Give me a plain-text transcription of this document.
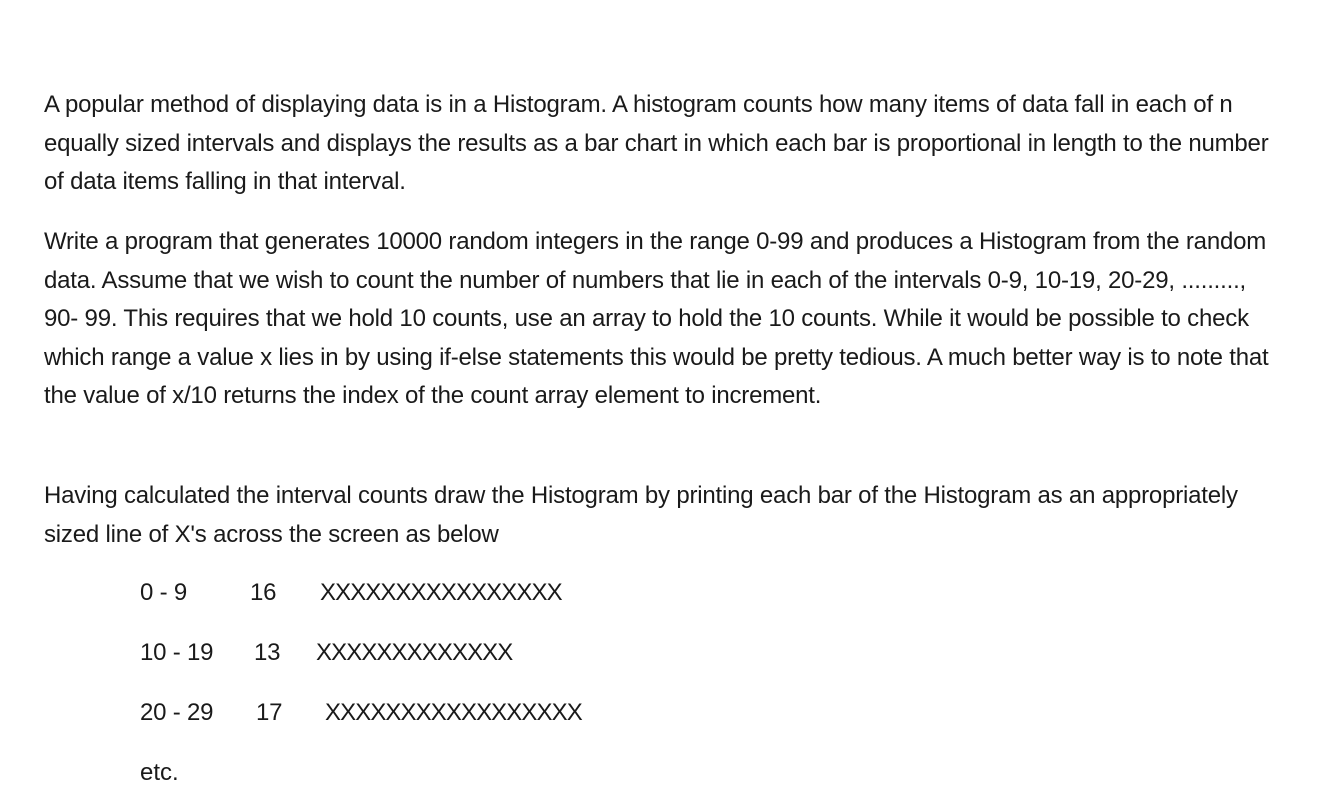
A popular method of displaying data is in a Histogram. A histogram counts how many items of data fall in each of n equally sized intervals and displays the results as a bar chart in which each bar is proportional in length to the number of data items falling in that interval.

Write a program that generates 10000 random integers in the range 0-99 and produces a Histogram from the random data. Assume that we wish to count the number of numbers that lie in each of the intervals 0-9, 10-19, 20-29, ........., 90- 99. This requires that we hold 10 counts, use an array to hold the 10 counts. While it would be possible to check which range a value x lies in by using if-else statements this would be pretty tedious. A much better way is to note that the value of x/10 returns the index of the count array element to increment.

Having calculated the interval counts draw the Histogram by printing each bar of the Histogram as an appropriately sized line of X's across the screen as below

0 - 9	16 XXXXXXXXXXXXXXXX
10 - 19 13 XXXXXXXXXXXXX
20 - 29 17 XXXXXXXXXXXXXXXXX
etc.
